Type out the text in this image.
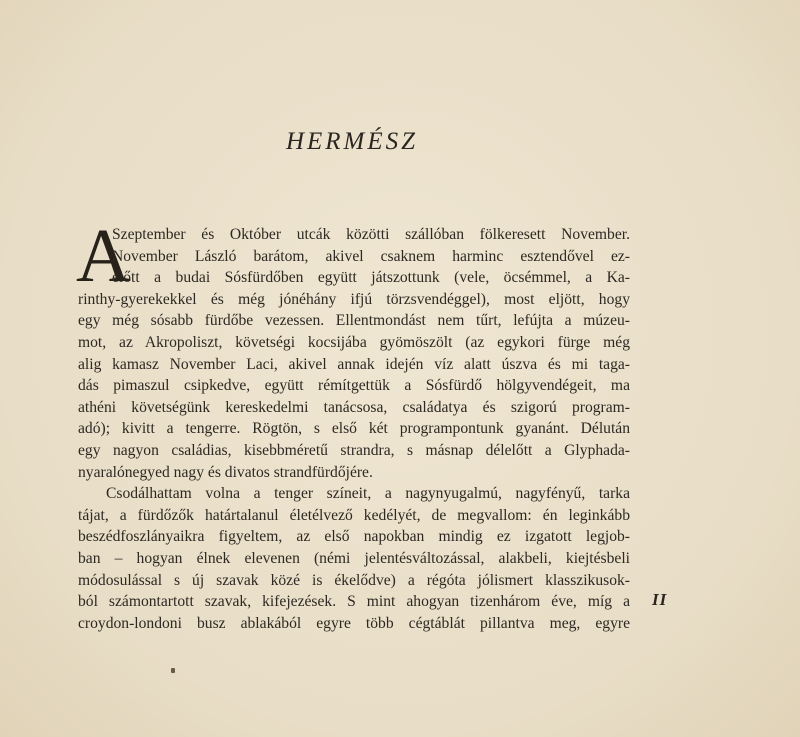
HERMÉSZ
A
Szeptember és Október utcák közötti szállóban fölkeresett November.
November László barátom, akivel csaknem harminc esztendővel ez-
előtt a budai Sósfürdőben együtt játszottunk (vele, öcsémmel, a Ka-
rinthy-gyerekekkel és még jónéhány ifjú törzsvendéggel), most eljött, hogy
egy még sósabb fürdőbe vezessen. Ellentmondást nem tűrt, lefújta a múzeu-
mot, az Akropoliszt, követségi kocsijába gyömöszölt (az egykori fürge még
alig kamasz November Laci, akivel annak idején víz alatt úszva és mi taga-
dás pimaszul csipkedve, együtt rémítgettük a Sósfürdő hölgyvendégeit, ma
athéni követségünk kereskedelmi tanácsosa, családatya és szigorú program-
adó); kivitt a tengerre. Rögtön, s első két programpontunk gyanánt. Délután
egy nagyon családias, kisebbméretű strandra, s másnap délelőtt a Glyphada-
nyaralónegyed nagy és divatos strandfürdőjére.
Csodálhattam volna a tenger színeit, a nagynyugalmú, nagyfényű, tarka
tájat, a fürdőzők határtalanul életélvező kedélyét, de megvallom: én leginkább
beszédfoszlányaikra figyeltem, az első napokban mindig ez izgatott legjob-
ban – hogyan élnek elevenen (némi jelentésváltozással, alakbeli, kiejtésbeli
módosulással s új szavak közé is ékelődve) a régóta jólismert klasszikusok-
ból számontartott szavak, kifejezések. S mint ahogyan tizenhárom éve, míg a
croydon-londoni busz ablakából egyre több cégtáblát pillantva meg, egyre
II
